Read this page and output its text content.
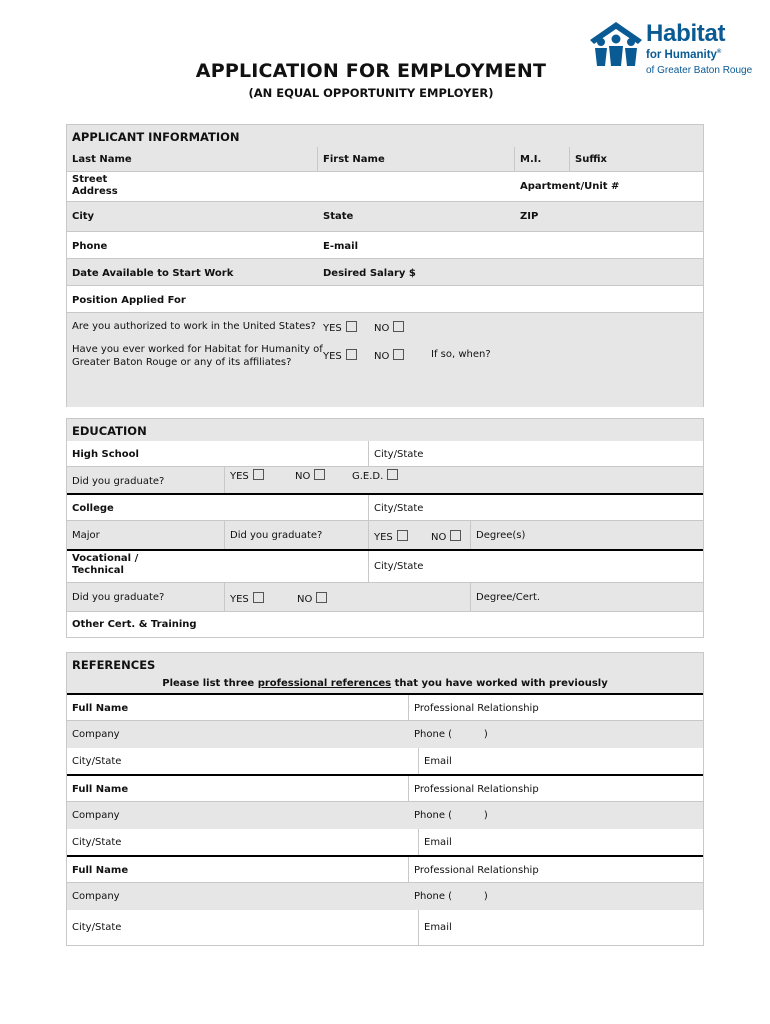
APPLICATION FOR EMPLOYMENT
(AN EQUAL OPPORTUNITY EMPLOYER)
Habitat
for Humanity®
of Greater Baton Rouge
APPLICANT INFORMATION
Last Name	First Name	M.I.	Suffix
Street
Address	Apartment/Unit #
City	State	ZIP
Phone	E-mail
Date Available to Start Work	Desired Salary $
Position Applied For
Are you authorized to work in the United States? YES	NO
Have you ever worked for Habitat for Humanity of
Greater Baton Rouge or any of its affiliates?
YES	NO	If so, when?
EDUCATION
High School	City/State
Did you graduate?	YES	NO	G.E.D.
College	City/State
Major	Did you graduate?	YES	NO	Degree(s)
Vocational /
Technical	City/State
Did you graduate?	YES	NO	Degree/Cert.
Other Cert. & Training
REFERENCES
Please list three professional references that you have worked with previously
Full Name	Professional Relationship
Company	Phone (          )
City/State	Email
Full Name	Professional Relationship
Company	Phone (          )
City/State	Email
Full Name	Professional Relationship
Company	Phone (          )
City/State	Email
